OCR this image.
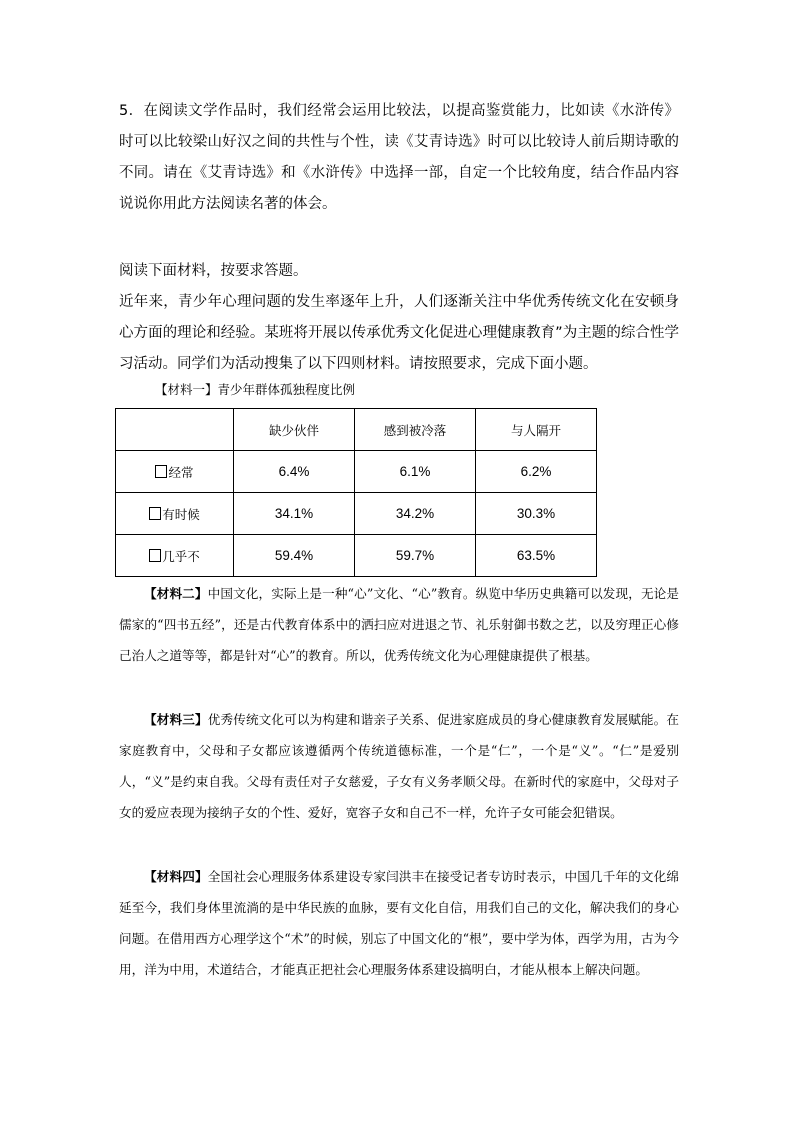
5．在阅读文学作品时，我们经常会运用比较法，以提高鉴赏能力，比如读《水浒传》时可以比较梁山好汉之间的共性与个性，读《艾青诗选》时可以比较诗人前后期诗歌的不同。请在《艾青诗选》和《水浒传》中选择一部，自定一个比较角度，结合作品内容说说你用此方法阅读名著的体会。

阅读下面材料，按要求答题。
近年来，青少年心理问题的发生率逐年上升，人们逐渐关注中华优秀传统文化在安顿身心方面的理论和经验。某班将开展以传承优秀文化促进心理健康教育”为主题的综合性学习活动。同学们为活动搜集了以下四则材料。请按照要求，完成下面小题。
【材料一】青少年群体孤独程度比例
	缺少伙伴	感到被冷落	与人隔开
经常	6.4%	6.1%	6.2%
有时候	34.1%	34.2%	30.3%
几乎不	59.4%	59.7%	63.5%

【材料二】中国文化，实际上是一种“心”文化、“心”教育。纵览中华历史典籍可以发现，无论是儒家的“四书五经”，还是古代教育体系中的洒扫应对进退之节、礼乐射御书数之艺，以及穷理正心修己治人之道等等，都是针对“心”的教育。所以，优秀传统文化为心理健康提供了根基。

【材料三】优秀传统文化可以为构建和谐亲子关系、促进家庭成员的身心健康教育发展赋能。在家庭教育中，父母和子女都应该遵循两个传统道德标准，一个是“仁”，一个是“义”。“仁”是爱别人，“义”是约束自我。父母有责任对子女慈爱，子女有义务孝顺父母。在新时代的家庭中，父母对子女的爱应表现为接纳子女的个性、爱好，宽容子女和自己不一样，允许子女可能会犯错误。

【材料四】全国社会心理服务体系建设专家闫洪丰在接受记者专访时表示，中国几千年的文化绵延至今，我们身体里流淌的是中华民族的血脉，要有文化自信，用我们自己的文化，解决我们的身心问题。在借用西方心理学这个“术”的时候，别忘了中国文化的“根”，要中学为体，西学为用，古为今用，洋为中用，术道结合，才能真正把社会心理服务体系建设搞明白，才能从根本上解决问题。
